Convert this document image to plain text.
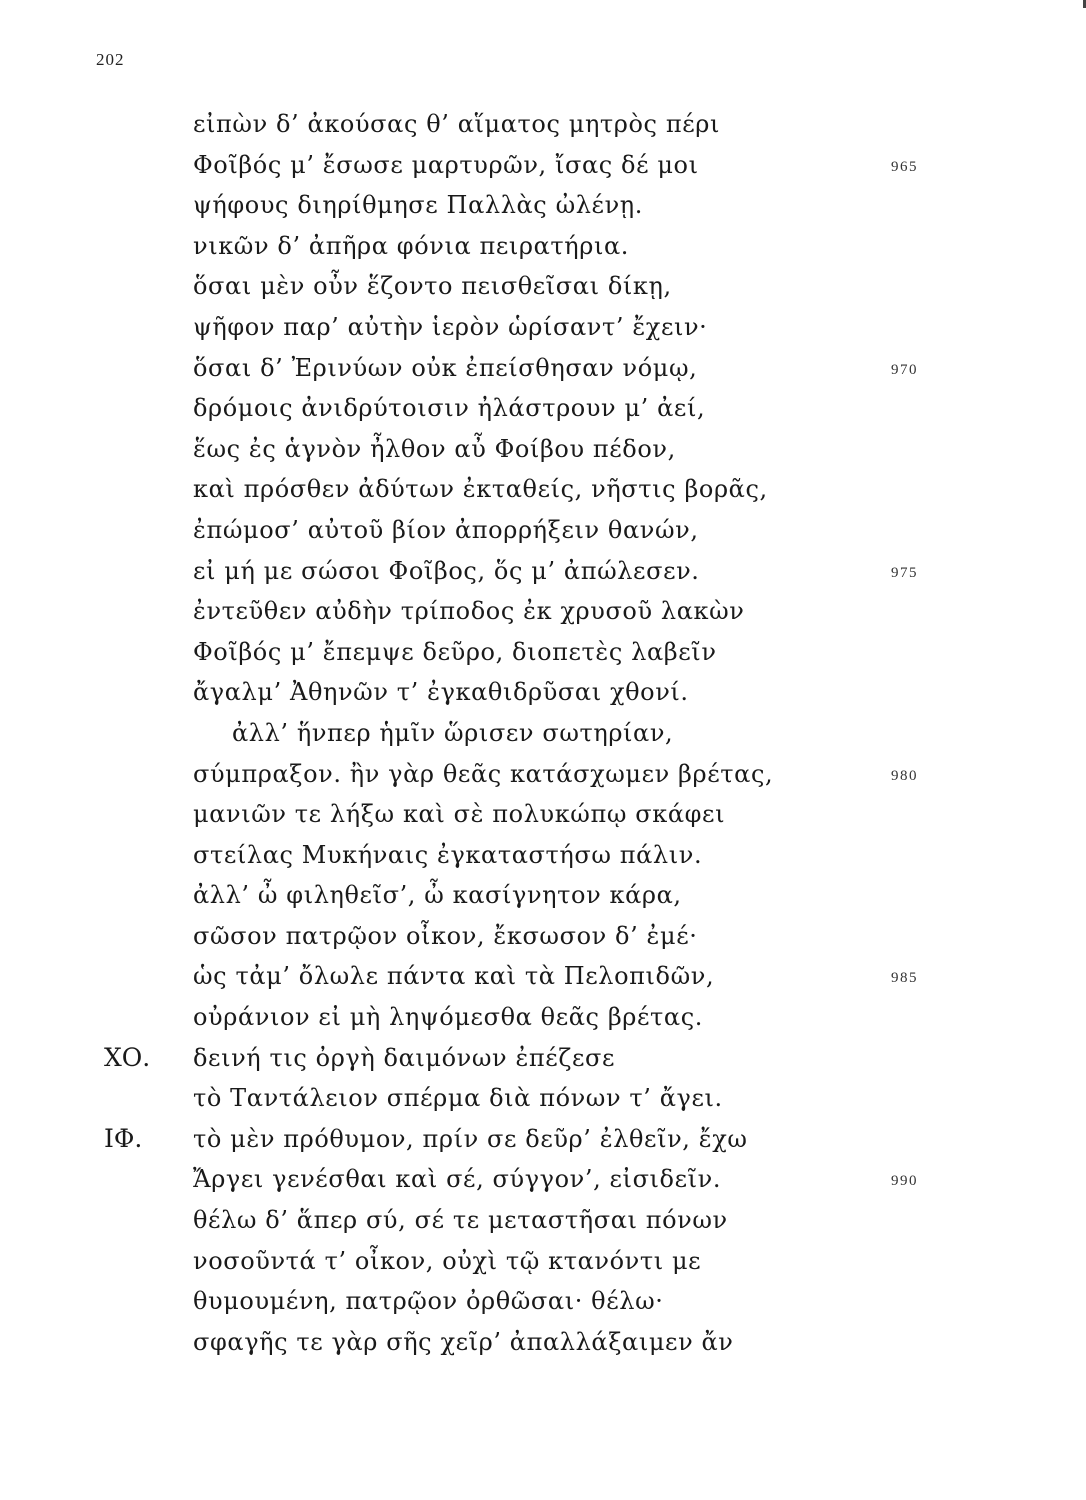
202
εἰπὼν δ’ ἀκούσας θ’ αἵματος μητρὸς πέρι
Φοῖβός μ’ ἔσωσε μαρτυρῶν, ἴσας δέ μοι	965
ψήφους διηρίθμησε Παλλὰς ὠλένῃ.
νικῶν δ’ ἀπῆρα φόνια πειρατήρια.
ὅσαι μὲν οὖν ἕζοντο πεισθεῖσαι δίκῃ,
ψῆφον παρ’ αὐτὴν ἱερὸν ὡρίσαντ’ ἔχειν·
ὅσαι δ’ Ἐρινύων οὐκ ἐπείσθησαν νόμῳ,	970
δρόμοις ἀνιδρύτοισιν ἠλάστρουν μ’ ἀεί,
ἕως ἐς ἁγνὸν ἦλθον αὖ Φοίβου πέδον,
καὶ πρόσθεν ἀδύτων ἐκταθείς, νῆστις βορᾶς,
ἐπώμοσ’ αὐτοῦ βίον ἀπορρήξειν θανών,
εἰ μή με σώσοι Φοῖβος, ὅς μ’ ἀπώλεσεν.	975
ἐντεῦθεν αὐδὴν τρίποδος ἐκ χρυσοῦ λακὼν
Φοῖβός μ’ ἔπεμψε δεῦρο, διοπετὲς λαβεῖν
ἄγαλμ’ Ἀθηνῶν τ’ ἐγκαθιδρῦσαι χθονί.
ἀλλ’ ἥνπερ ἡμῖν ὥρισεν σωτηρίαν,
σύμπραξον. ἢν γὰρ θεᾶς κατάσχωμεν βρέτας,	980
μανιῶν τε λήξω καὶ σὲ πολυκώπῳ σκάφει
στείλας Μυκήναις ἐγκαταστήσω πάλιν.
ἀλλ’ ὦ φιληθεῖσ’, ὦ κασίγνητον κάρα,
σῶσον πατρῷον οἶκον, ἔκσωσον δ’ ἐμέ·
ὡς τἀμ’ ὄλωλε πάντα καὶ τὰ Πελοπιδῶν,	985
οὐράνιον εἰ μὴ ληψόμεσθα θεᾶς βρέτας.
ΧΟ. δεινή τις ὀργὴ δαιμόνων ἐπέζεσε
τὸ Ταντάλειον σπέρμα διὰ πόνων τ’ ἄγει.
ΙΦ. τὸ μὲν πρόθυμον, πρίν σε δεῦρ’ ἐλθεῖν, ἔχω
Ἄργει γενέσθαι καὶ σέ, σύγγον’, εἰσιδεῖν.	990
θέλω δ’ ἅπερ σύ, σέ τε μεταστῆσαι πόνων
νοσοῦντά τ’ οἶκον, οὐχὶ τῷ κτανόντι με
θυμουμένη, πατρῷον ὀρθῶσαι· θέλω·
σφαγῆς τε γὰρ σῆς χεῖρ’ ἀπαλλάξαιμεν ἄν
